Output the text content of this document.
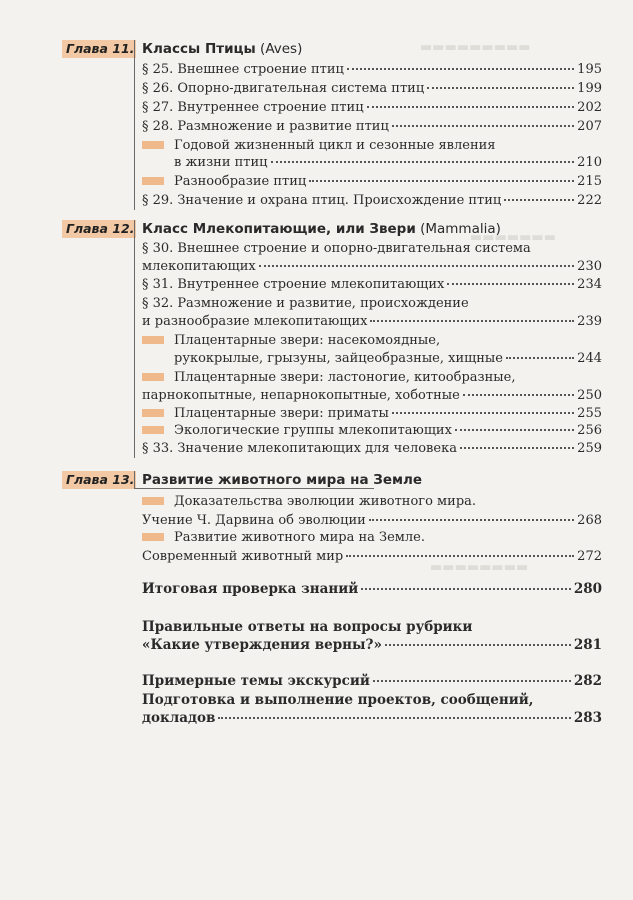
▬▬▬▬▬▬▬▬▬
▬▬▬▬▬▬▬
▬▬▬▬▬▬▬▬
Глава 11. Классы Птицы (Aves)
§ 25. Внешнее строение птиц	195
§ 26. Опорно-двигательная система птиц	199
§ 27. Внутреннее строение птиц	202
§ 28. Размножение и развитие птиц	207
Годовой жизненный цикл и сезонные явления
в жизни птиц	210
Разнообразие птиц	215
§ 29. Значение и охрана птиц. Происхождение птиц	222
Глава 12. Класс Млекопитающие, или Звери (Mammalia)
§ 30. Внешнее строение и опорно-двигательная система
млекопитающих	230
§ 31. Внутреннее строение млекопитающих	234
§ 32. Размножение и развитие, происхождение
и разнообразие млекопитающих	239
Плацентарные звери: насекомоядные,
рукокрылые, грызуны, зайцеобразные, хищные	244
Плацентарные звери: ластоногие, китообразные,
парнокопытные, непарнокопытные, хоботные	250
Плацентарные звери: приматы	255
Экологические группы млекопитающих	256
§ 33. Значение млекопитающих для человека	259
Глава 13. Развитие животного мира на Земле
Доказательства эволюции животного мира.
Учение Ч. Дарвина об эволюции	268
Развитие животного мира на Земле.
Современный животный мир	272
Итоговая проверка знаний	280
Правильные ответы на вопросы рубрики
«Какие утверждения верны?»	281
Примерные темы экскурсий	282
Подготовка и выполнение проектов, сообщений,
докладов	283
